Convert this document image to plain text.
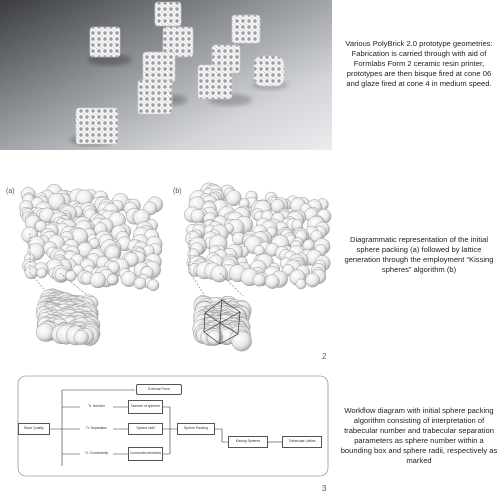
Various PolyBrick 2.0 prototype geometries: Fabrication is carried through with aid of Formlabs Form 2 ceramic resin printer, prototypes are then bisque fired at cone 06 and glaze fired at cone 4 in medium speed.
(a)	(b)
2
Diagrammatic representation of the initial sphere packing (a) followed by lattice generation through the employment “Kissing spheres” algorithm (b)
External Force
Bone Quality
Tr. Number
Tr. Separation
Tr. Connectivity
Number of spheres
Sphere radii
Connected elements
Sphere Packing
Kissing Spheres	Trabecular Lattice
3
Workflow diagram with initial sphere packing algorithm consisting of interpretation of trabecular number and trabecular separation parameters as sphere number within a bounding box and sphere radii, respectively as marked
